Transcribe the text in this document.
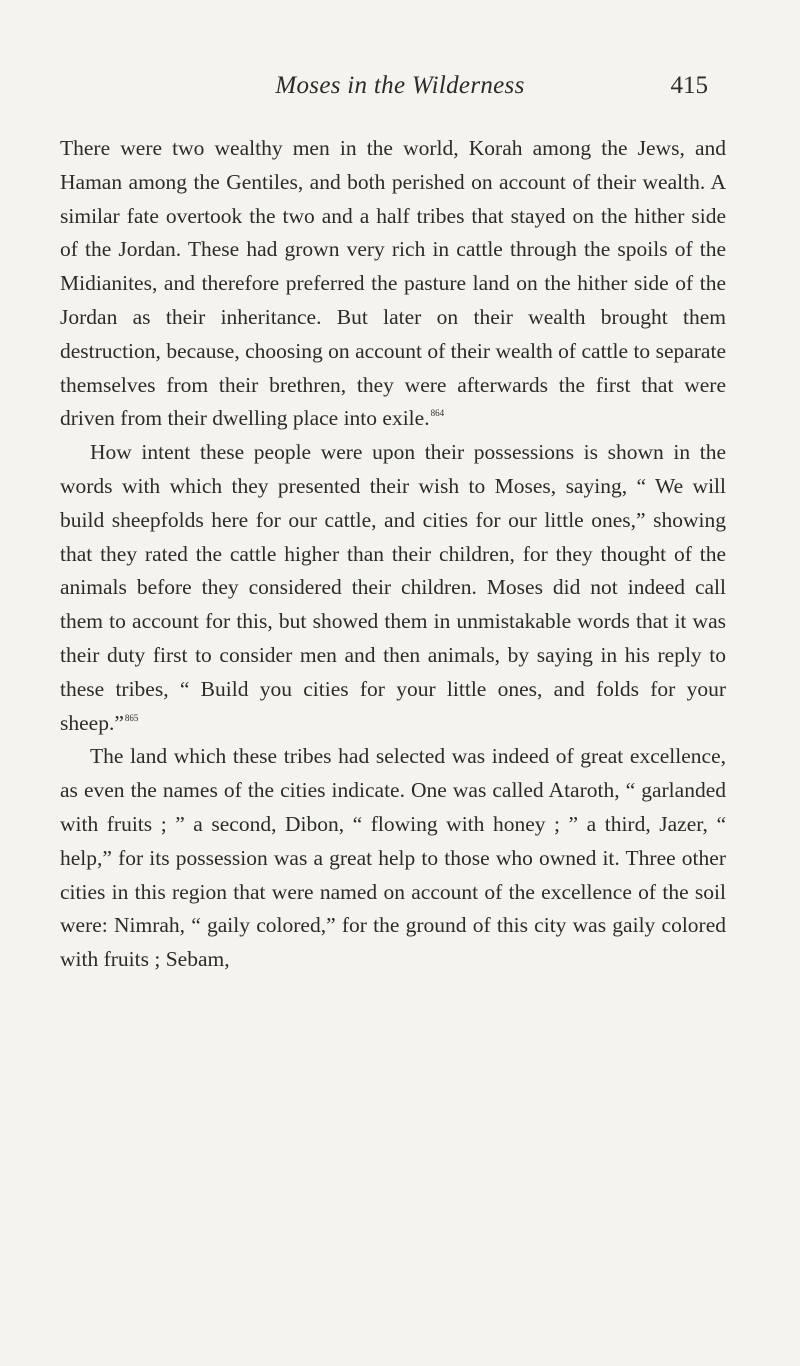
Moses in the Wilderness	415

There were two wealthy men in the world, Korah among the Jews, and Haman among the Gentiles, and both perished on account of their wealth. A similar fate overtook the two and a half tribes that stayed on the hither side of the Jordan. These had grown very rich in cattle through the spoils of the Midianites, and therefore preferred the pasture land on the hither side of the Jordan as their inheritance. But later on their wealth brought them destruction, because, choosing on account of their wealth of cattle to separate themselves from their brethren, they were afterwards the first that were driven from their dwelling place into exile.$^{864}$

How intent these people were upon their possessions is shown in the words with which they presented their wish to Moses, saying, “ We will build sheepfolds here for our cattle, and cities for our little ones,” showing that they rated the cattle higher than their children, for they thought of the animals before they considered their children. Moses did not indeed call them to account for this, but showed them in unmistakable words that it was their duty first to consider men and then animals, by saying in his reply to these tribes, “ Build you cities for your little ones, and folds for your sheep.”$^{865}$

The land which these tribes had selected was indeed of great excellence, as even the names of the cities indicate. One was called Ataroth, “ garlanded with fruits ; ” a second, Dibon, “ flowing with honey ; ” a third, Jazer, “ help,” for its possession was a great help to those who owned it. Three other cities in this region that were named on account of the excellence of the soil were: Nimrah, “ gaily colored,” for the ground of this city was gaily colored with fruits ; Sebam,
